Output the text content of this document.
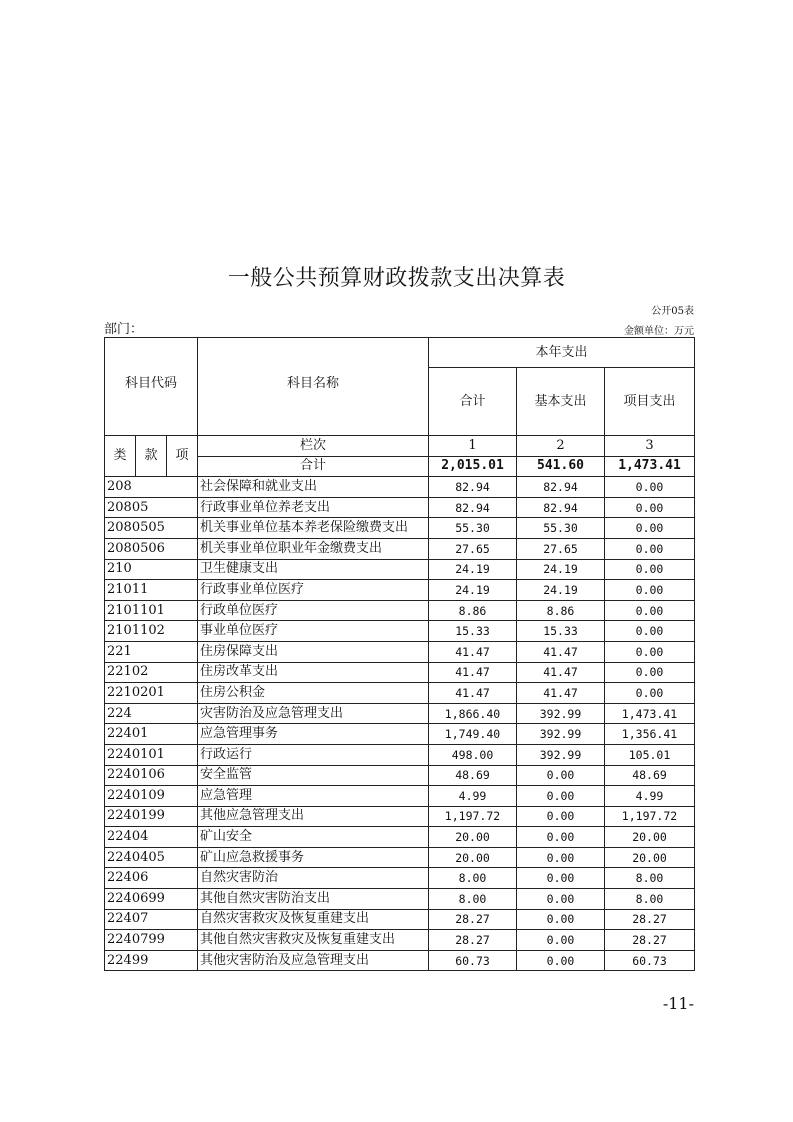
一般公共预算财政拨款支出决算表
公开05表
部门：	金额单位：万元
科目代码			科目名称	本年支出		
				合计	基本支出	项目支出
类	款	项	栏次	1	2	3
			合计	2,015.01	541.60	1,473.41
208			社会保障和就业支出	82.94	82.94	0.00
20805			行政事业单位养老支出	82.94	82.94	0.00
2080505			机关事业单位基本养老保险缴费支出	55.30	55.30	0.00
2080506			机关事业单位职业年金缴费支出	27.65	27.65	0.00
210			卫生健康支出	24.19	24.19	0.00
21011			行政事业单位医疗	24.19	24.19	0.00
2101101			行政单位医疗	8.86	8.86	0.00
2101102			事业单位医疗	15.33	15.33	0.00
221			住房保障支出	41.47	41.47	0.00
22102			住房改革支出	41.47	41.47	0.00
2210201			住房公积金	41.47	41.47	0.00
224			灾害防治及应急管理支出	1,866.40	392.99	1,473.41
22401			应急管理事务	1,749.40	392.99	1,356.41
2240101			行政运行	498.00	392.99	105.01
2240106			安全监管	48.69	0.00	48.69
2240109			应急管理	4.99	0.00	4.99
2240199			其他应急管理支出	1,197.72	0.00	1,197.72
22404			矿山安全	20.00	0.00	20.00
2240405			矿山应急救援事务	20.00	0.00	20.00
22406			自然灾害防治	8.00	0.00	8.00
2240699			其他自然灾害防治支出	8.00	0.00	8.00
22407			自然灾害救灾及恢复重建支出	28.27	0.00	28.27
2240799			其他自然灾害救灾及恢复重建支出	28.27	0.00	28.27
22499			其他灾害防治及应急管理支出	60.73	0.00	60.73
-11-
